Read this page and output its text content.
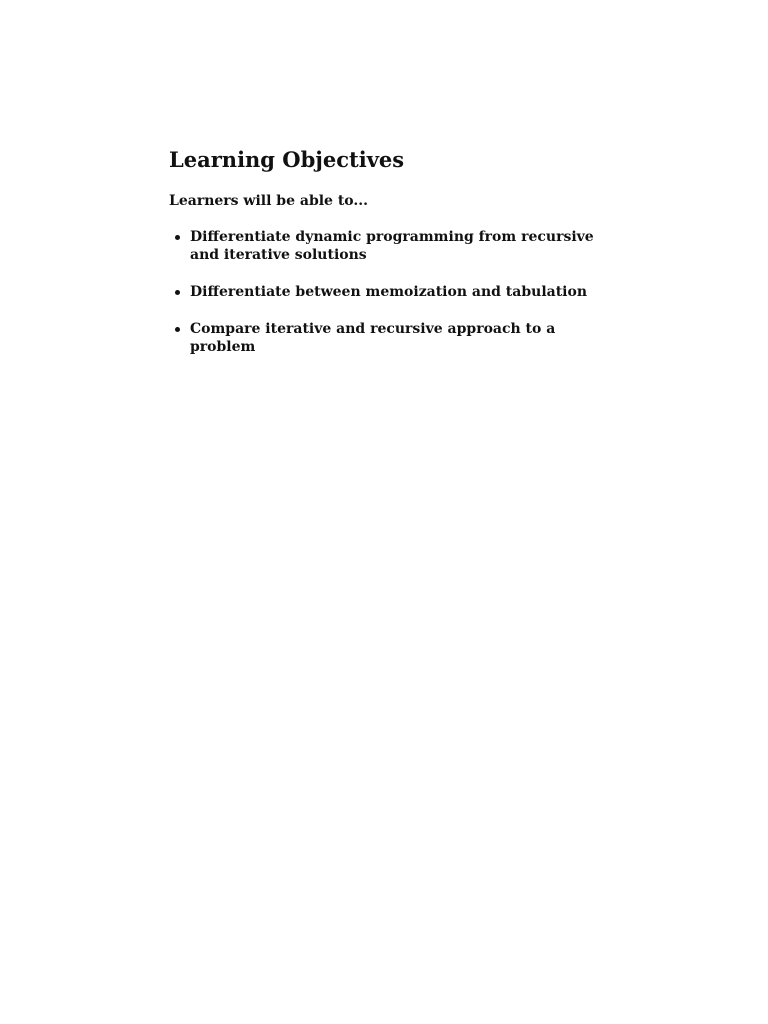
Learning Objectives

Learners will be able to...

Differentiate dynamic programming from recursive and iterative solutions
Differentiate between memoization and tabulation
Compare iterative and recursive approach to a problem
